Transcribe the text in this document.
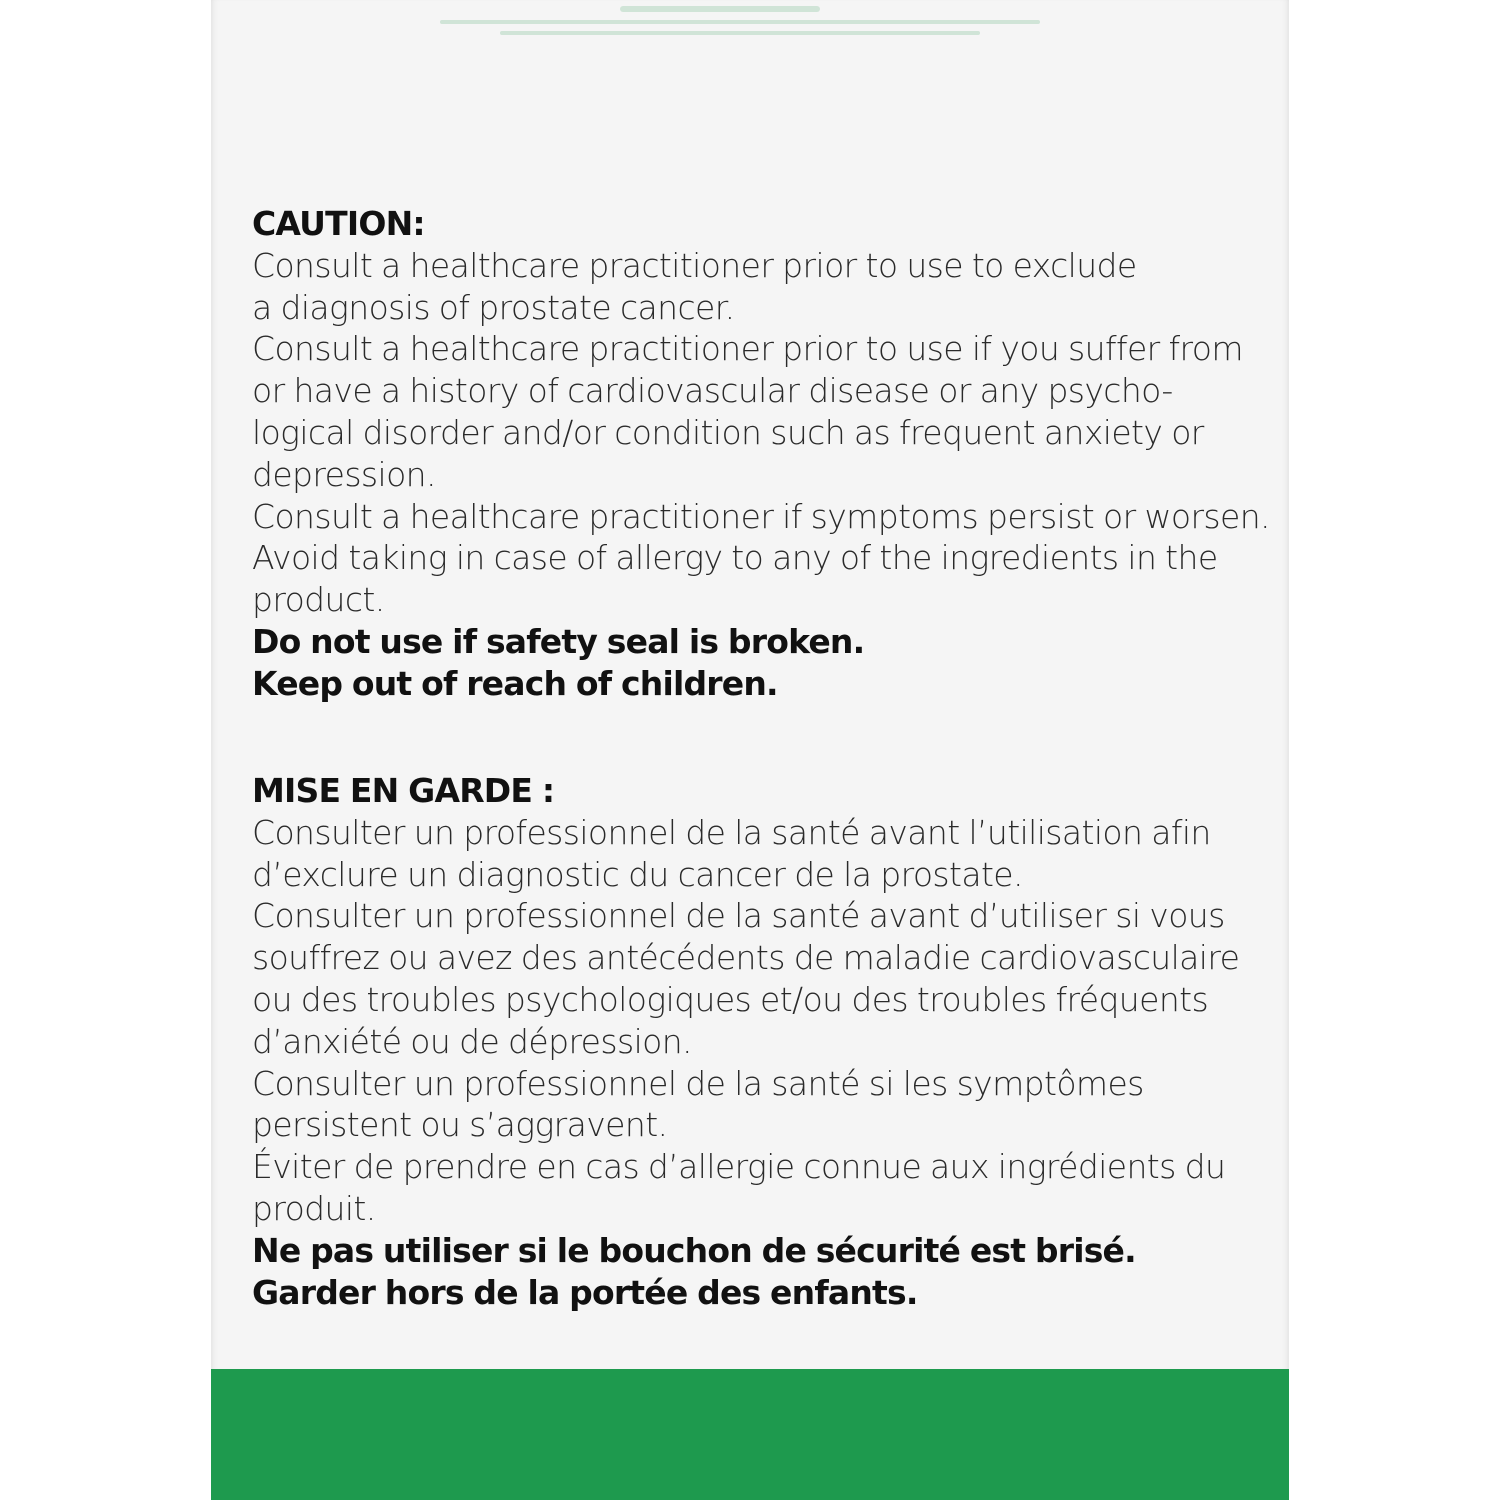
CAUTION:
Consult a healthcare practitioner prior to use to exclude
a diagnosis of prostate cancer.
Consult a healthcare practitioner prior to use if you suffer from
or have a history of cardiovascular disease or any psycho-
logical disorder and/or condition such as frequent anxiety or
depression.
Consult a healthcare practitioner if symptoms persist or worsen.
Avoid taking in case of allergy to any of the ingredients in the
product.
Do not use if safety seal is broken.
Keep out of reach of children.
MISE EN GARDE :
Consulter un professionnel de la santé avant l’utilisation afin
d’exclure un diagnostic du cancer de la prostate.
Consulter un professionnel de la santé avant d’utiliser si vous
souffrez ou avez des antécédents de maladie cardiovasculaire
ou des troubles psychologiques et/ou des troubles fréquents
d’anxiété ou de dépression.
Consulter un professionnel de la santé si les symptômes
persistent ou s’aggravent.
Éviter de prendre en cas d’allergie connue aux ingrédients du
produit.
Ne pas utiliser si le bouchon de sécurité est brisé.
Garder hors de la portée des enfants.
